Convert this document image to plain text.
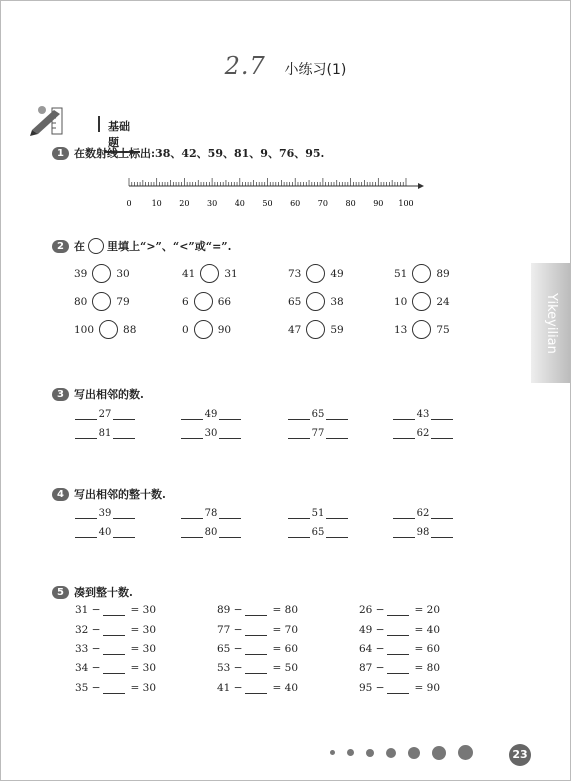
2.7 小练习(1)
基础题
1 在数射线上标出:38、42、59、81、9、76、95.
0	10 20 30 40 50 60 70 80 90 100
2 在 里填上“>”、“<”或“=”.
39	30	41	31	73	49	51	89
80	79	6	66	65	38	10	24
100	88	0	90	47	59	13	75	Yikeyilian
3 写出相邻的数.
27	49	65	43
81	30	77	62
4 写出相邻的整十数.
39	78	51	62
40	80	65	98
5 凑到整十数.
31 −	= 30	89 −	= 80	26 −	= 20
32 −	= 30	77 −	= 70	49 −	= 40
33 −	= 30	65 −	= 60	64 −	= 60
34 −	= 30	53 −	= 50	87 −	= 80
35 −	= 30	41 −	= 40	95 −	= 90
23
